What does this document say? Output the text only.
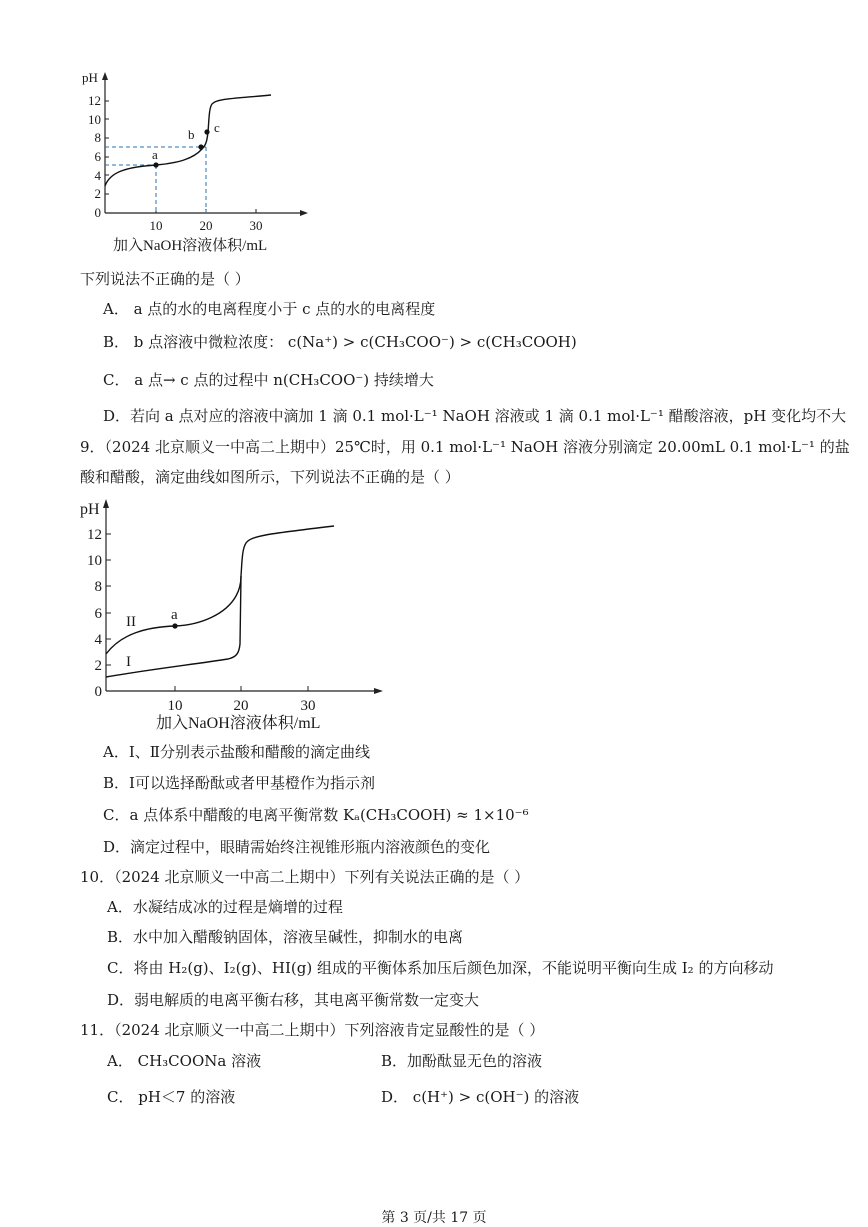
pH
0
2
4
6
8
10
12
10	20	30
a
b c
加入NaOH溶液体积/mL
下列说法不正确的是（ ）
A． a 点的水的电离程度小于 c 点的水的电离程度
B． b 点溶液中微粒浓度： c(Na⁺) > c(CH₃COO⁻) > c(CH₃COOH)
C． a 点→ c 点的过程中 n(CH₃COO⁻) 持续增大
D．若向 a 点对应的溶液中滴加 1 滴 0.1 mol·L⁻¹ NaOH 溶液或 1 滴 0.1 mol·L⁻¹ 醋酸溶液，pH 变化均不大
9．（2024 北京顺义一中高二上期中）25℃时，用 0.1 mol·L⁻¹ NaOH 溶液分别滴定 20.00mL 0.1 mol·L⁻¹ 的盐
酸和醋酸，滴定曲线如图所示，下列说法不正确的是（ ）
pH
0
2
4
6
8
10
12
10	20	30
a
II
I
加入NaOH溶液体积/mL
A．Ⅰ、Ⅱ分别表示盐酸和醋酸的滴定曲线
B．Ⅰ可以选择酚酞或者甲基橙作为指示剂
C．a 点体系中醋酸的电离平衡常数 Kₐ(CH₃COOH) ≈ 1×10⁻⁶
D．滴定过程中，眼睛需始终注视锥形瓶内溶液颜色的变化
10．（2024 北京顺义一中高二上期中）下列有关说法正确的是（ ）
A．水凝结成冰的过程是熵增的过程
B．水中加入醋酸钠固体，溶液呈碱性，抑制水的电离
C．将由 H₂(g)、I₂(g)、HI(g) 组成的平衡体系加压后颜色加深，不能说明平衡向生成 I₂ 的方向移动
D．弱电解质的电离平衡右移，其电离平衡常数一定变大
11．（2024 北京顺义一中高二上期中）下列溶液肯定显酸性的是（ ）
A． CH₃COONa 溶液	B．加酚酞显无色的溶液
C． pH＜7 的溶液	D． c(H⁺) > c(OH⁻) 的溶液
第 3 页/共 17 页
